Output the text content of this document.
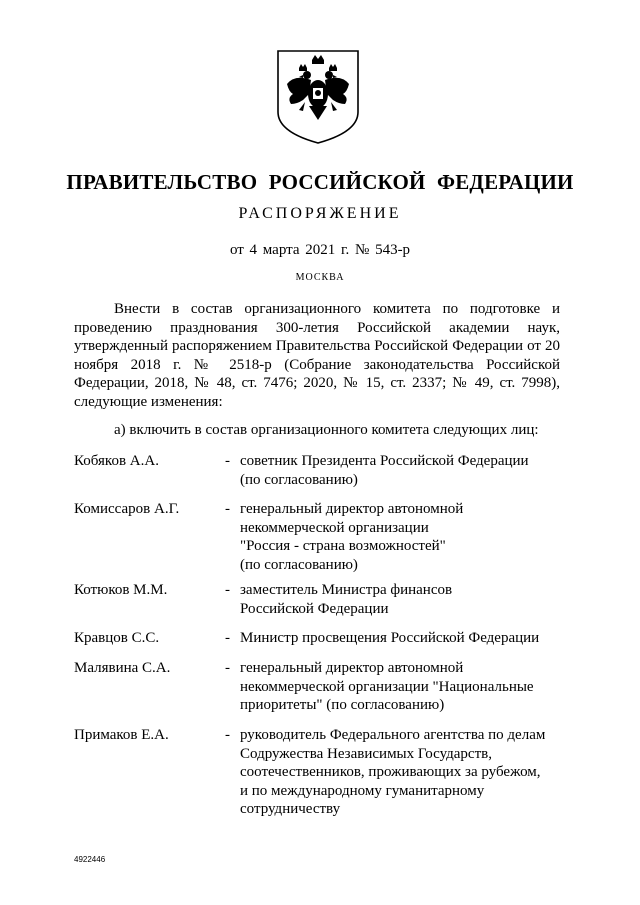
ПРАВИТЕЛЬСТВО РОССИЙСКОЙ ФЕДЕРАЦИИ
РАСПОРЯЖЕНИЕ
от 4 марта 2021 г. № 543-р
МОСКВА
Внести в состав организационного комитета по подготовке и проведению празднования 300-летия Российской академии наук, утвержденный распоряжением Правительства Российской Федерации от 20 ноября 2018 г. № 2518-р (Собрание законодательства Российской Федерации, 2018, № 48, ст. 7476; 2020, № 15, ст. 2337; № 49, ст. 7998), следующие изменения:
а) включить в состав организационного комитета следующих лиц:
Кобяков А.А.	- советник Президента Российской Федерации
(по согласованию)
Комиссаров А.Г.	- генеральный директор автономной
некоммерческой организации
"Россия - страна возможностей"
(по согласованию)
Котюков М.М.	- заместитель Министра финансов
Российской Федерации
Кравцов С.С.	- Министр просвещения Российской Федерации
Малявина С.А.	- генеральный директор автономной
некоммерческой организации "Национальные
приоритеты" (по согласованию)
Примаков Е.А.	- руководитель Федерального агентства по делам
Содружества Независимых Государств,
соотечественников, проживающих за рубежом,
и по международному гуманитарному
сотрудничеству
4922446
